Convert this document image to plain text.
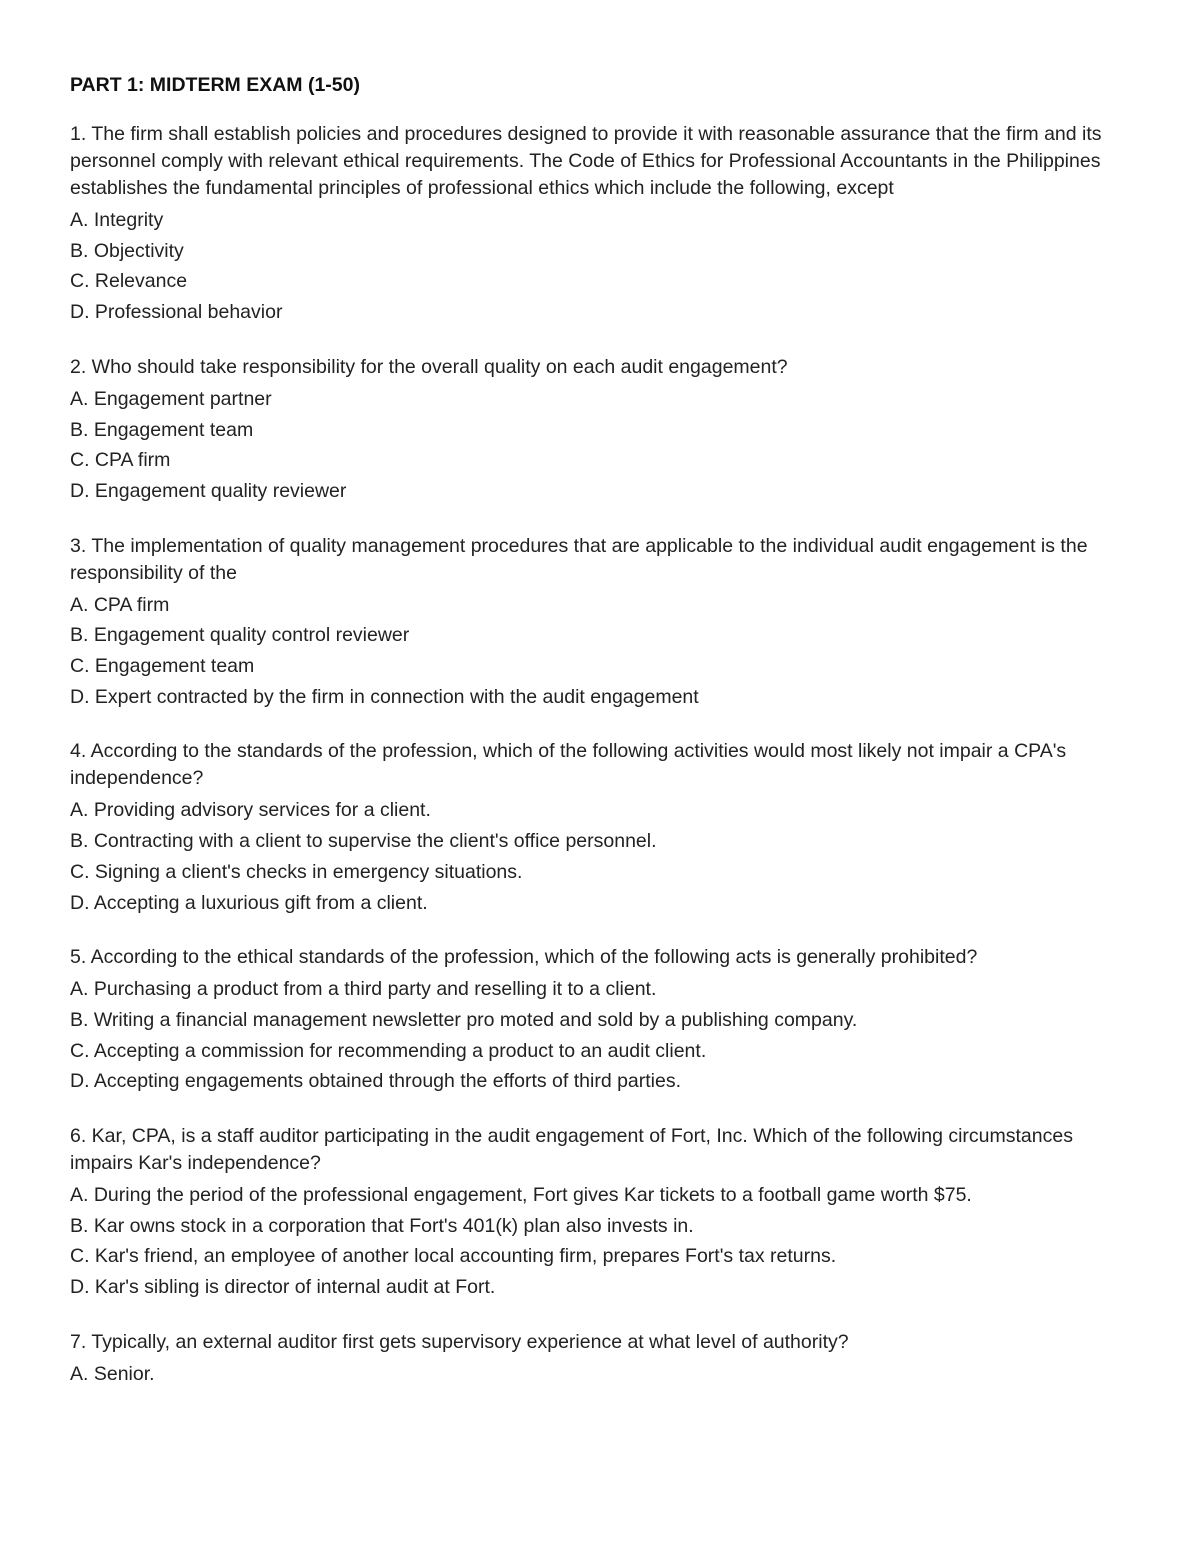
PART 1: MIDTERM EXAM (1-50)
1. The firm shall establish policies and procedures designed to provide it with reasonable assurance that the firm and its personnel comply with relevant ethical requirements. The Code of Ethics for Professional Accountants in the Philippines establishes the fundamental principles of professional ethics which include the following, except
A. Integrity
B. Objectivity
C. Relevance
D. Professional behavior
2. Who should take responsibility for the overall quality on each audit engagement?
A. Engagement partner
B. Engagement team
C. CPA firm
D. Engagement quality reviewer
3. The implementation of quality management procedures that are applicable to the individual audit engagement is the responsibility of the
A. CPA firm
B. Engagement quality control reviewer
C. Engagement team
D. Expert contracted by the firm in connection with the audit engagement
4. According to the standards of the profession, which of the following activities would most likely not impair a CPA's independence?
A. Providing advisory services for a client.
B. Contracting with a client to supervise the client's office personnel.
C. Signing a client's checks in emergency situations.
D. Accepting a luxurious gift from a client.
5. According to the ethical standards of the profession, which of the following acts is generally prohibited?
A. Purchasing a product from a third party and reselling it to a client.
B. Writing a financial management newsletter pro moted and sold by a publishing company.
C. Accepting a commission for recommending a product to an audit client.
D. Accepting engagements obtained through the efforts of third parties.
6. Kar, CPA, is a staff auditor participating in the audit engagement of Fort, Inc. Which of the following circumstances impairs Kar's independence?
A. During the period of the professional engagement, Fort gives Kar tickets to a football game worth $75.
B. Kar owns stock in a corporation that Fort's 401(k) plan also invests in.
C. Kar's friend, an employee of another local accounting firm, prepares Fort's tax returns.
D. Kar's sibling is director of internal audit at Fort.
7. Typically, an external auditor first gets supervisory experience at what level of authority?
A. Senior.
